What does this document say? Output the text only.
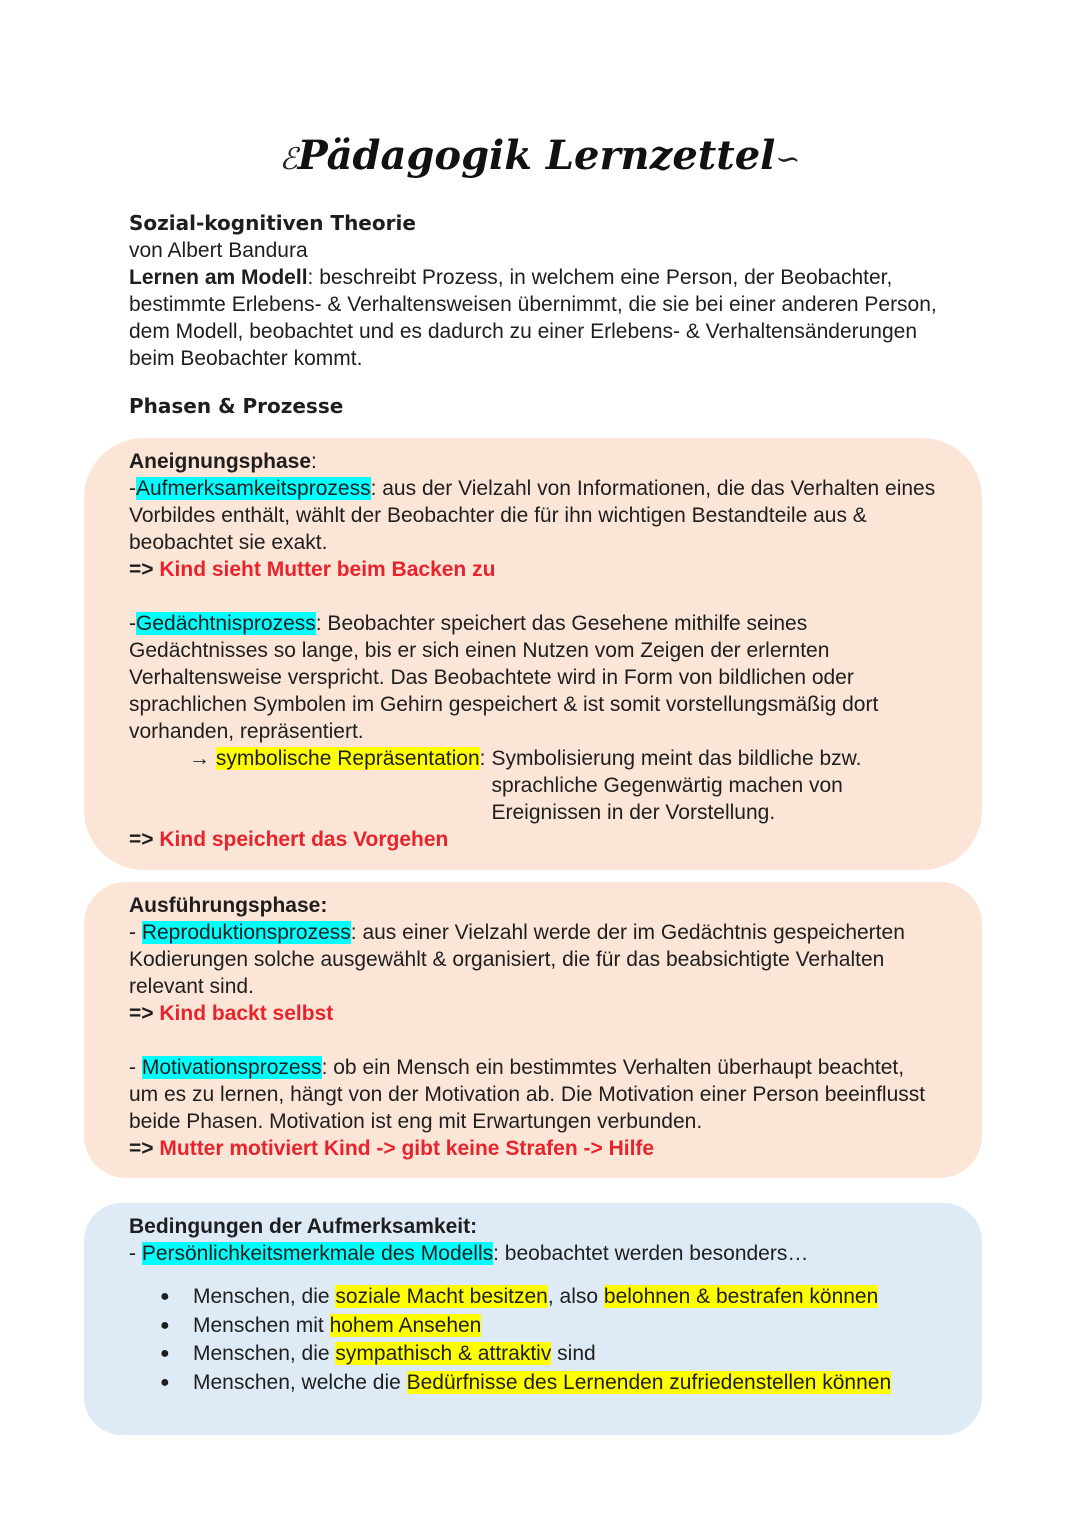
ℰPädagogik Lernzettel∽
Sozial-kognitiven Theorie
von Albert Bandura
Lernen am Modell: beschreibt Prozess, in welchem eine Person, der Beobachter, bestimmte Erlebens- & Verhaltensweisen übernimmt, die sie bei einer anderen Person, dem Modell, beobachtet und es dadurch zu einer Erlebens- & Verhaltensänderungen beim Beobachter kommt.
Phasen & Prozesse

Aneignungsphase:

-Aufmerksamkeitsprozess: aus der Vielzahl von Informationen, die das Verhalten eines Vorbildes enthält, wählt der Beobachter die für ihn wichtigen Bestandteile aus & beobachtet sie exakt.

=> Kind sieht Mutter beim Backen zu

-Gedächtnisprozess: Beobachter speichert das Gesehene mithilfe seines Gedächtnisses so lange, bis er sich einen Nutzen vom Zeigen der erlernten Verhaltensweise verspricht. Das Beobachtete wird in Form von bildlichen oder sprachlichen Symbolen im Gehirn gespeichert & ist somit vorstellungsmäßig dort vorhanden, repräsentiert.

→ symbolische Repräsentation: Symbolisierung meint das bildliche bzw. sprachliche Gegenwärtig machen von Ereignissen in der Vorstellung.

=> Kind speichert das Vorgehen

Ausführungsphase:

- Reproduktionsprozess: aus einer Vielzahl werde der im Gedächtnis gespeicherten Kodierungen solche ausgewählt & organisiert, die für das beabsichtigte Verhalten relevant sind.

=> Kind backt selbst

- Motivationsprozess: ob ein Mensch ein bestimmtes Verhalten überhaupt beachtet, um es zu lernen, hängt von der Motivation ab. Die Motivation einer Person beeinflusst beide Phasen. Motivation ist eng mit Erwartungen verbunden.

=> Mutter motiviert Kind -> gibt keine Strafen -> Hilfe

Bedingungen der Aufmerksamkeit:

- Persönlichkeitsmerkmale des Modells: beobachtet werden besonders…

● Menschen, die soziale Macht besitzen, also belohnen & bestrafen können
● Menschen mit hohem Ansehen
● Menschen, die sympathisch & attraktiv sind
● Menschen, welche die Bedürfnisse des Lernenden zufriedenstellen können
